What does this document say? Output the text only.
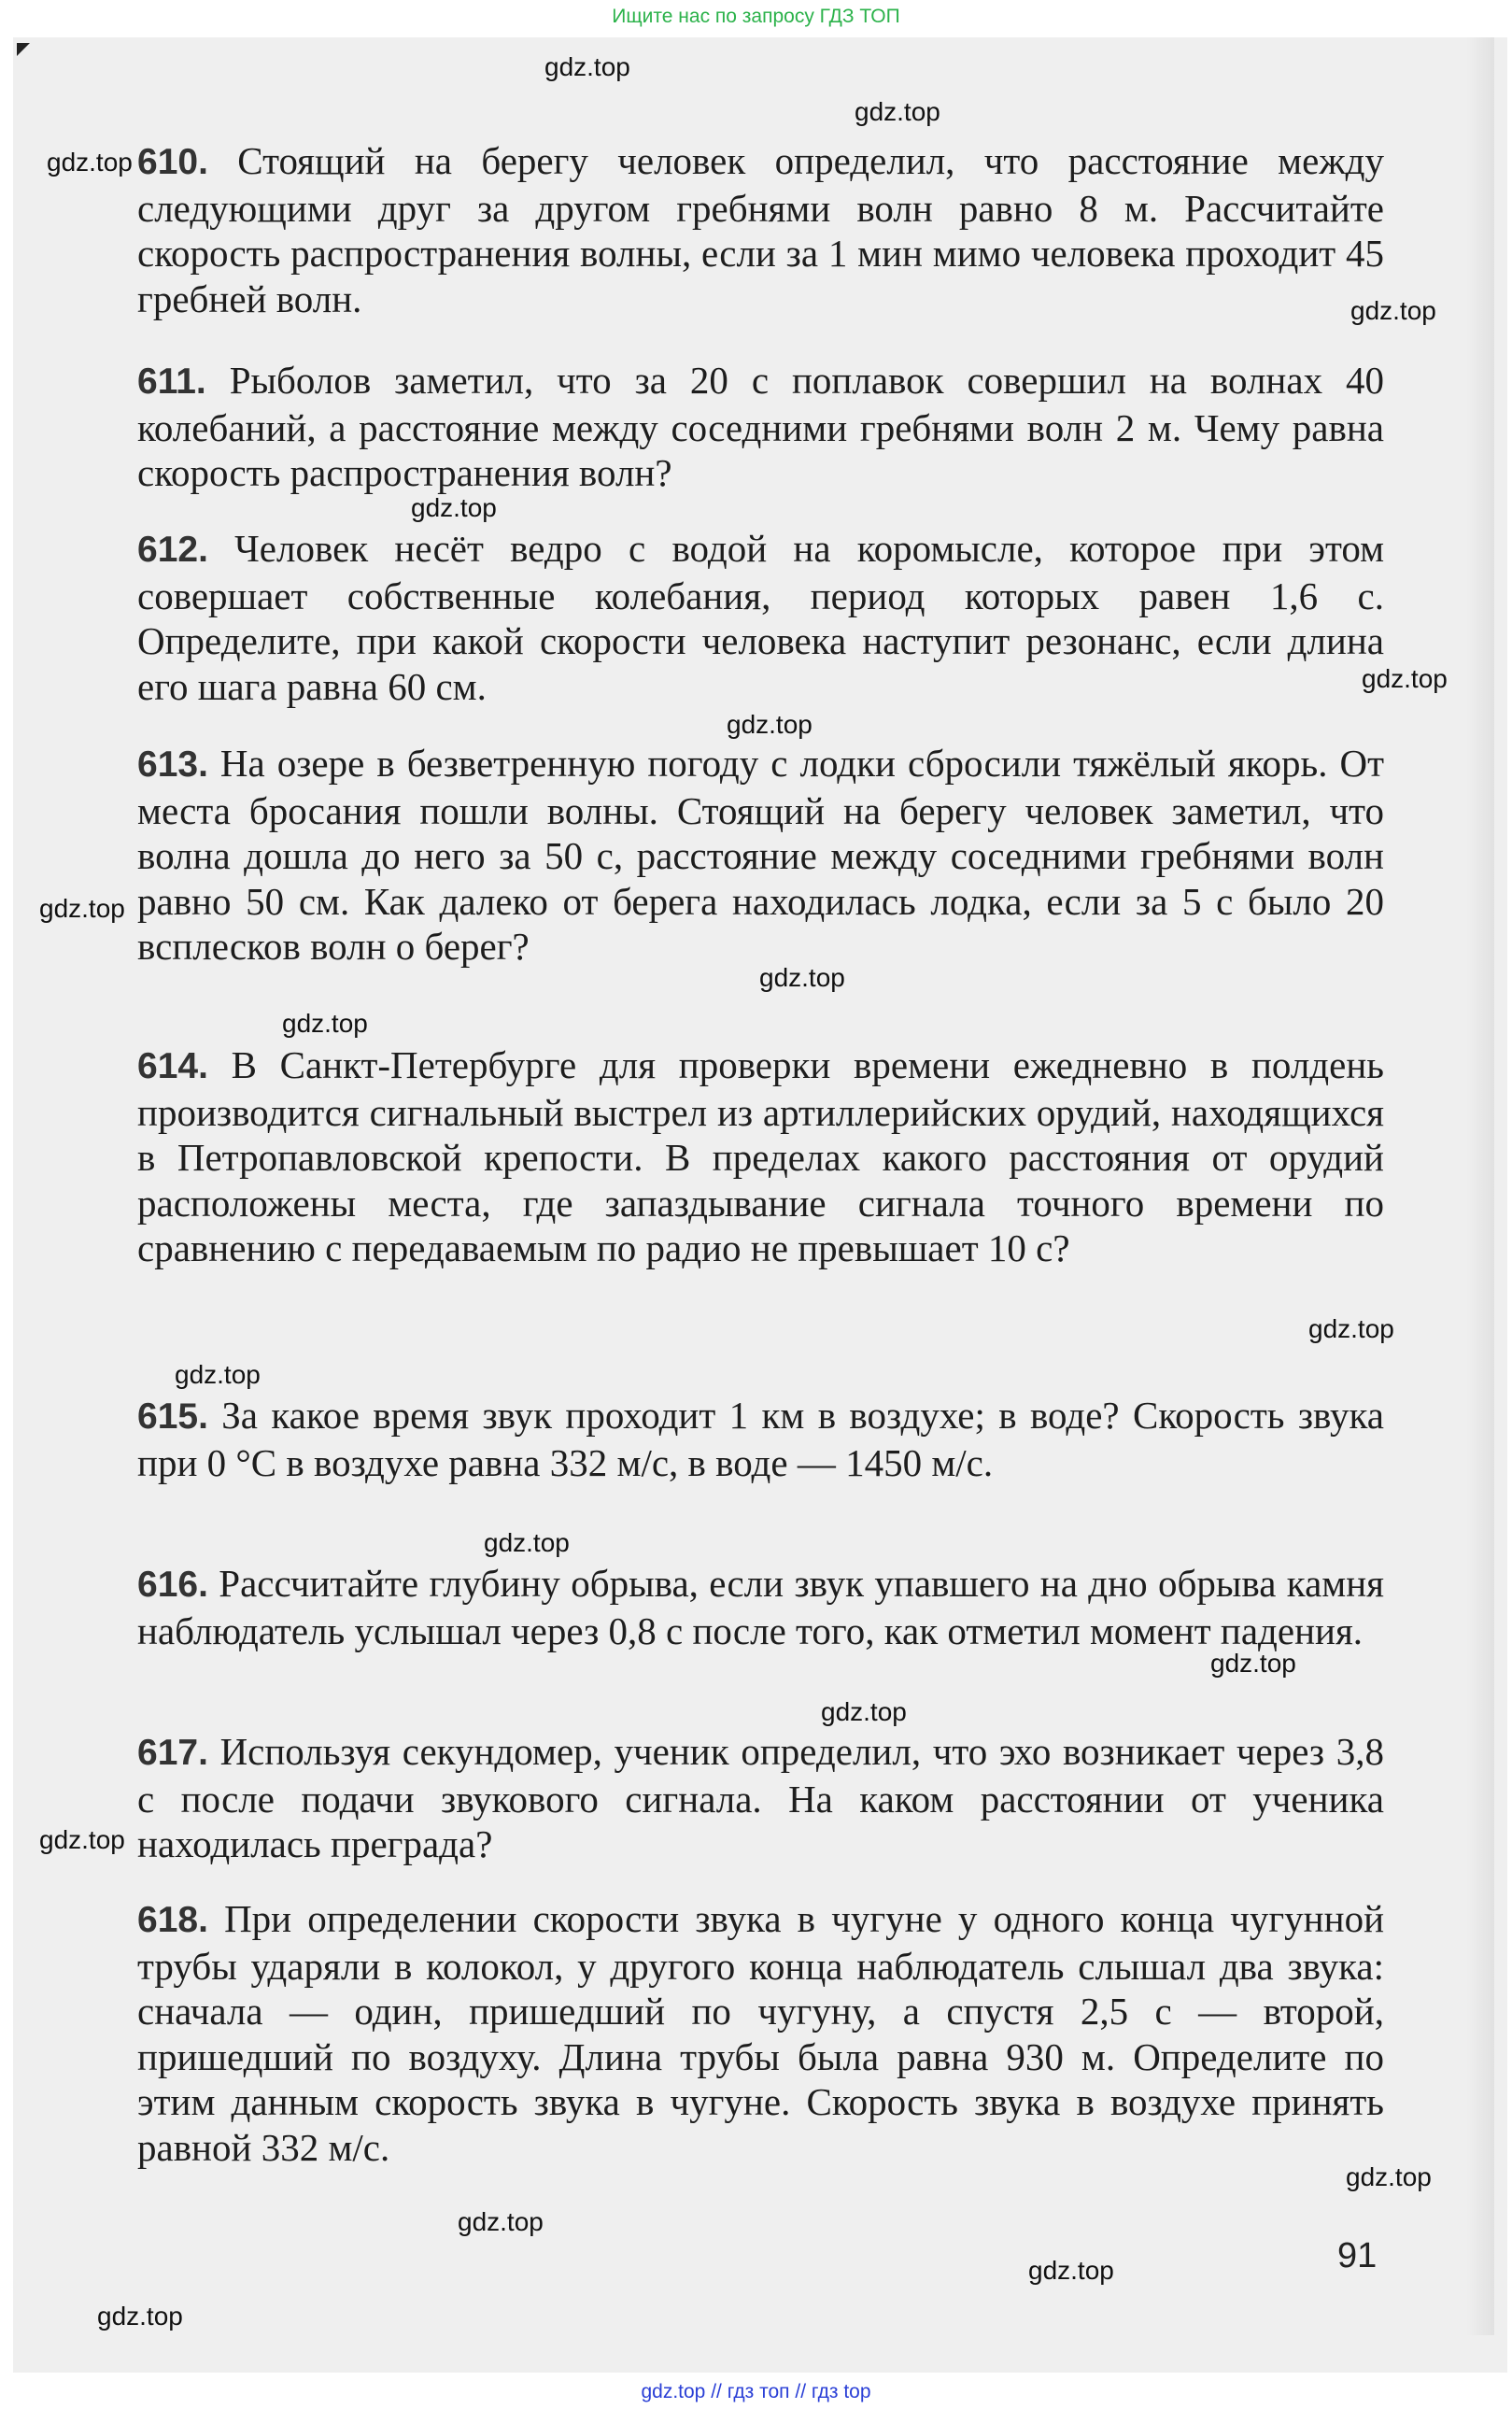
Ищите нас по запросу ГДЗ ТОП

610. Стоящий на берегу человек определил, что расстояние между следующими друг за другом гребнями волн равно 8 м. Рассчитайте скорость распространения волны, если за 1 мин мимо человека проходит 45 гребней волн.

611. Рыболов заметил, что за 20 с поплавок совершил на волнах 40 колебаний, а расстояние между соседними гребнями волн 2 м. Чему равна скорость распространения волн?

612. Человек несёт ведро с водой на коромысле, которое при этом совершает собственные колебания, период которых равен 1,6 с. Определите, при какой скорости человека наступит резонанс, если длина его шага равна 60 см.

613. На озере в безветренную погоду с лодки сбросили тяжёлый якорь. От места бросания пошли волны. Стоящий на берегу человек заметил, что волна дошла до него за 50 с, расстояние между соседними гребнями волн равно 50 см. Как далеко от берега находилась лодка, если за 5 с было 20 всплесков волн о берег?

614. В Санкт-Петербурге для проверки времени ежедневно в полдень производится сигнальный выстрел из артиллерийских орудий, находящихся в Петропавловской крепости. В пределах какого расстояния от орудий расположены места, где запаздывание сигнала точного времени по сравнению с передаваемым по радио не превышает 10 с?

615. За какое время звук проходит 1 км в воздухе; в воде? Скорость звука при 0 °С в воздухе равна 332 м/с, в воде — 1450 м/с.

616. Рассчитайте глубину обрыва, если звук упавшего на дно обрыва камня наблюдатель услышал через 0,8 с после того, как отметил момент падения.

617. Используя секундомер, ученик определил, что эхо возникает через 3,8 с после подачи звукового сигнала. На каком расстоянии от ученика находилась преграда?

618. При определении скорости звука в чугуне у одного конца чугунной трубы ударяли в колокол, у другого конца наблюдатель слышал два звука: сначала — один, пришедший по чугуну, а спустя 2,5 с — второй, пришедший по воздуху. Длина трубы была равна 930 м. Определите по этим данным скорость звука в чугуне. Скорость звука в воздухе принять равной 332 м/с.

91
gdz.top
gdz.top
gdz.top
gdz.top
gdz.top
gdz.top
gdz.top
gdz.top
gdz.top
gdz.top
gdz.top
gdz.top
gdz.top
gdz.top
gdz.top
gdz.top
gdz.top
gdz.top
gdz.top
gdz.top
gdz.top // гдз топ // гдз top
